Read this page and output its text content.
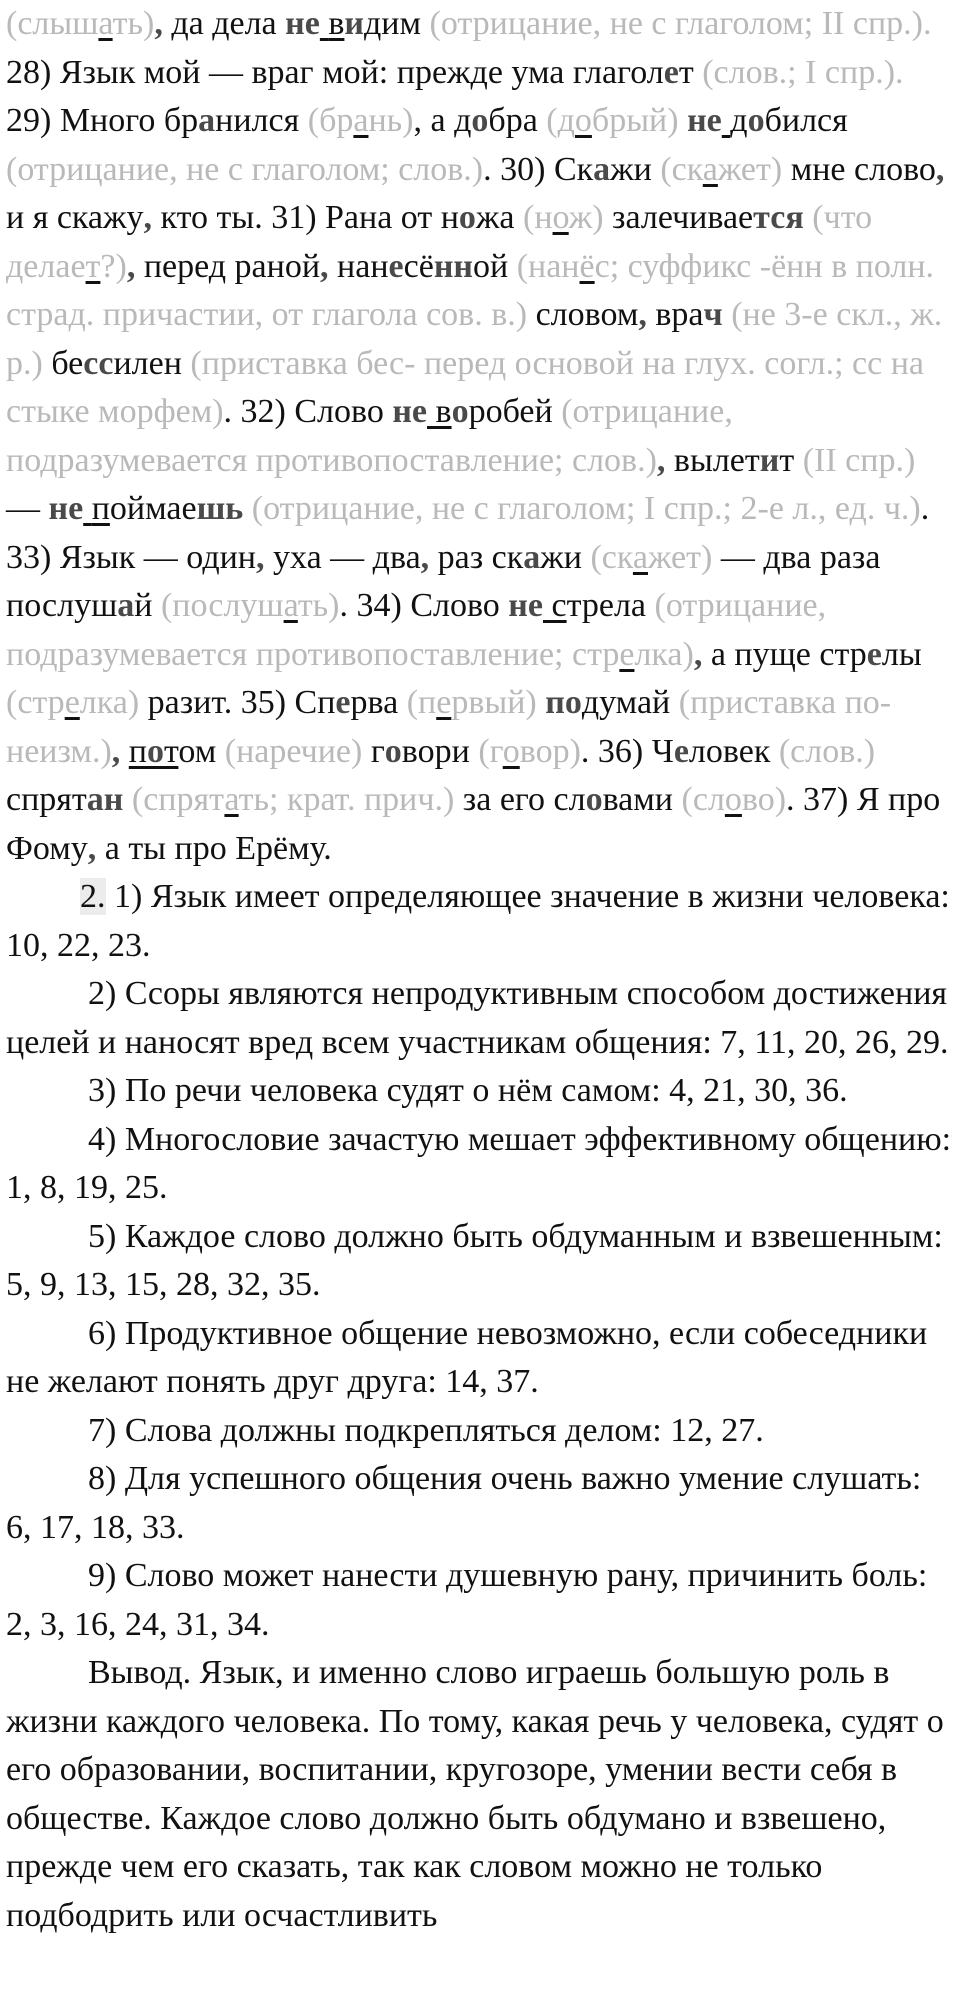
(слышать), да дела не видим (отрицание, не с глаголом; II спр.). 28) Язык мой — враг мой: прежде ума глаголет (слов.; I спр.). 29) Много бранился (брань), а добра (добрый) не добился (отрицание, не с глаголом; слов.). 30) Скажи (скажет) мне слово, и я скажу, кто ты. 31) Рана от ножа (нож) залечивается (что делает?), перед раной, нанесённой (нанёс; суффикс -ённ в полн. страд. причастии, от глагола сов. в.) словом, врач (не 3-е скл., ж. р.) бессилен (приставка бес- перед основой на глух. согл.; сс на стыке морфем). 32) Слово не воробей (отрицание, подразумевается противопоставление; слов.), вылетит (II спр.) — не поймаешь (отрицание, не с глаголом; I спр.; 2-е л., ед. ч.). 33) Язык — один, уха — два, раз скажи (скажет) — два раза послушай (послушать). 34) Слово не стрела (отрицание, подразумевается противопоставление; стрелка), а пуще стрелы (стрелка) разит. 35) Сперва (первый) подумай (приставка по- неизм.), потом (наречие) говори (говор). 36) Человек (слов.) спрятан (спрятать; крат. прич.) за его словами (слово). 37) Я про Фому, а ты про Ерёму.

2. 1) Язык имеет определяющее значение в жизни человека: 10, 22, 23.

2) Ссоры являются непродуктивным способом достижения целей и наносят вред всем участникам общения: 7, 11, 20, 26, 29.

3) По речи человека судят о нём самом: 4, 21, 30, 36.

4) Многословие зачастую мешает эффективному общению: 1, 8, 19, 25.

5) Каждое слово должно быть обдуманным и взвешенным: 5, 9, 13, 15, 28, 32, 35.

6) Продуктивное общение невозможно, если собеседники не желают понять друг друга: 14, 37.

7) Слова должны подкрепляться делом: 12, 27.

8) Для успешного общения очень важно умение слушать: 6, 17, 18, 33.

9) Слово может нанести душевную рану, причинить боль: 2, 3, 16, 24, 31, 34.

Вывод. Язык, и именно слово играешь большую роль в жизни каждого человека. По тому, какая речь у человека, судят о его образовании, воспитании, кругозоре, умении вести себя в обществе. Каждое слово должно быть обдумано и взвешено, прежде чем его сказать, так как словом можно не только подбодрить или осчастливить
